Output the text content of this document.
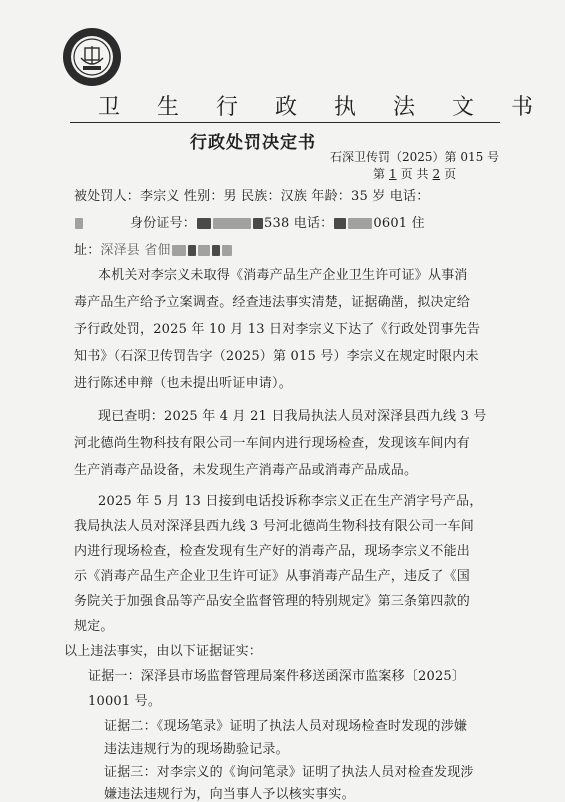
卫 生 行 政 执 法 文 书
行政处罚决定书
石深卫传罚（2025）第 015 号
第 1 页 共 2 页
被处罚人：李宗义 性别：男 民族：汉族 年龄：35 岁 电话：
身份证号：	538 电话：	0601 住
址：深泽县 省佃
本机关对李宗义未取得《消毒产品生产企业卫生许可证》从事消
毒产品生产给予立案调查。经查违法事实清楚，证据确凿，拟决定给
予行政处罚，2025 年 10 月 13 日对李宗义下达了《行政处罚事先告
知书》（石深卫传罚告字（2025）第 015 号）李宗义在规定时限内未
进行陈述申辩（也未提出听证申请）。
现已查明：2025 年 4 月 21 日我局执法人员对深泽县西九线 3 号
河北德尚生物科技有限公司一车间内进行现场检查，发现该车间内有
生产消毒产品设备，未发现生产消毒产品或消毒产品成品。
2025 年 5 月 13 日接到电话投诉称李宗义正在生产消字号产品，
我局执法人员对深泽县西九线 3 号河北德尚生物科技有限公司一车间
内进行现场检查，检查发现有生产好的消毒产品，现场李宗义不能出
示《消毒产品生产企业卫生许可证》从事消毒产品生产，违反了《国
务院关于加强食品等产品安全监督管理的特别规定》第三条第四款的
规定。
以上违法事实，由以下证据证实：
证据一：深泽县市场监督管理局案件移送函深市监案移〔2025〕
10001 号。
证据二：《现场笔录》证明了执法人员对现场检查时发现的涉嫌
违法违规行为的现场勘验记录。
证据三：对李宗义的《询问笔录》证明了执法人员对检查发现涉
嫌违法违规行为，向当事人予以核实事实。
